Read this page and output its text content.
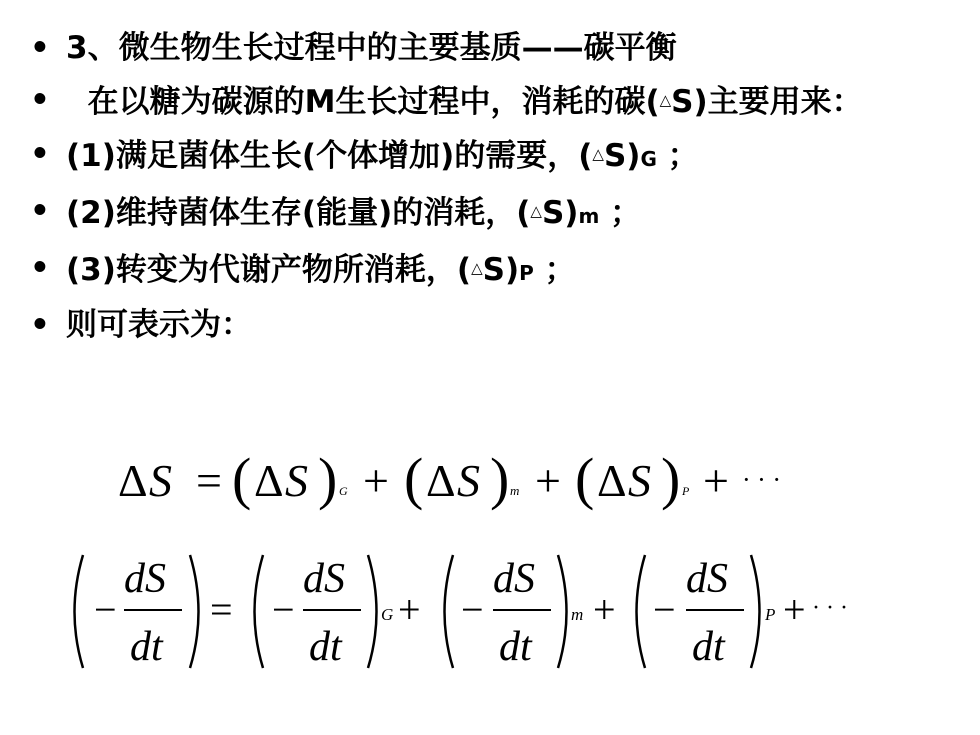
• 3、微生物生长过程中的主要基质——碳平衡
• 在以糖为碳源的M生长过程中，消耗的碳(△S)主要用来：
• (1)满足菌体生长(个体增加)的需要，(△S)G ；
• (2)维持菌体生存(能量)的消耗，(△S)m ；
• (3)转变为代谢产物所消耗，(△S)P ；
• 则可表示为：
Δ S = ( Δ S ) G + ( Δ S ) m + ( Δ S ) P + · · ·
−
dS
dt
= −
dS
dt
G + −
dS
dt
m + −
dS
dt
P + · · ·
